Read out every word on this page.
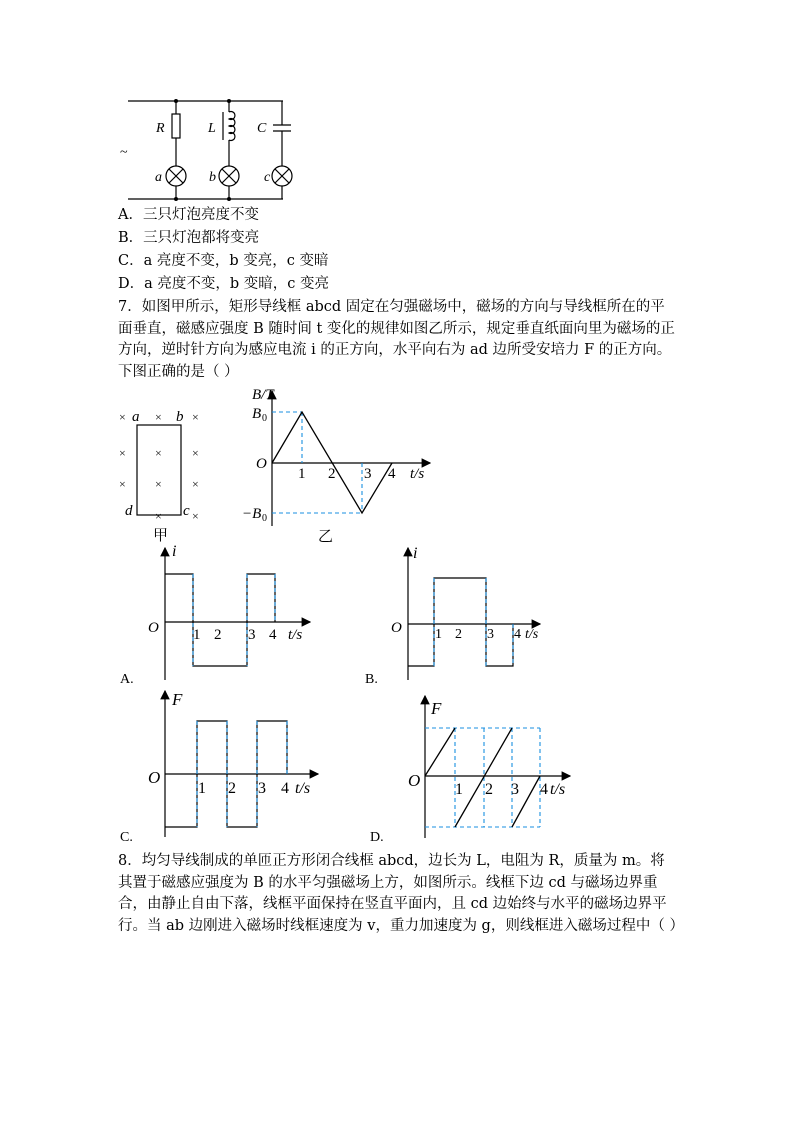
~
R	L	C
a	b	c
A．三只灯泡亮度不变
B．三只灯泡都将变亮
C．a 亮度不变，b 变亮，c 变暗
D．a 亮度不变，b 变暗，c 变亮
7．如图甲所示，矩形导线框 abcd 固定在匀强磁场中，磁场的方向与导线框所在的平面垂直，磁感应强度 B 随时间 t 变化的规律如图乙所示，规定垂直纸面向里为磁场的正方向，逆时针方向为感应电流 i 的正方向，水平向右为 ad 边所受安培力 F 的正方向。下图正确的是（ ）
× ×	×
× ×	×
× ×	×
×	×
a b
d	c
甲
B 0
−B 0
O
B/T
t/s
1 2 3 4
乙
i
O 1 2 3 4 t/s
A.
i
O 1 2 3 4 t/s
B.
F
O
1 2 3 4 t/s
C.
F
O 1 2 3 4 t/s
D.
8．均匀导线制成的单匝正方形闭合线框 abcd，边长为 L，电阻为 R，质量为 m。将其置于磁感应强度为 B 的水平匀强磁场上方，如图所示。线框下边 cd 与磁场边界重合，由静止自由下落，线框平面保持在竖直平面内，且 cd 边始终与水平的磁场边界平行。当 ab 边刚进入磁场时线框速度为 v，重力加速度为 g，则线框进入磁场过程中（ ）
